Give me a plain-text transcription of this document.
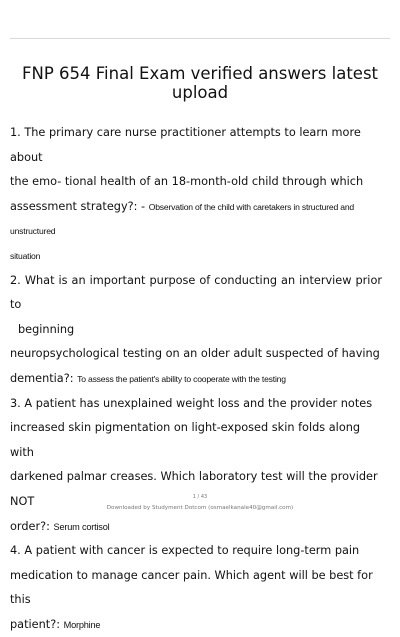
FNP 654 Final Exam verified answers latest upload
1. The primary care nurse practitioner attempts to learn more about
the emo- tional health of an 18-month-old child through which
assessment strategy?: - Observation of the child with caretakers in structured and unstructured
situation
2. What is an important purpose of conducting an interview prior to
beginning
neuropsychological testing on an older adult suspected of having
dementia?: To assess the patient's ability to cooperate with the testing
3. A patient has unexplained weight loss and the provider notes
increased skin pigmentation on light-exposed skin folds along with
darkened palmar creases. Which laboratory test will the provider NOT
order?: Serum cortisol
4. A patient with cancer is expected to require long-term pain
medication to manage cancer pain. Which agent will be best for this
patient?: Morphine
1 / 43
Downloaded by Studyment Dotcom (osmaelkanale40@gmail.com)
